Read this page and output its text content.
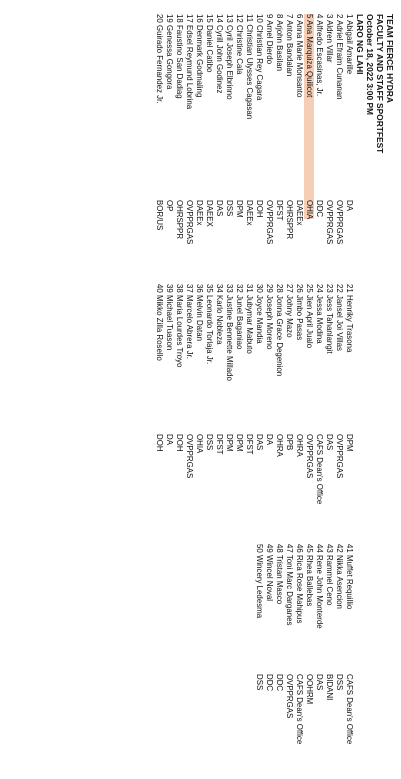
TEAM FIERCE HYDRA
FACULTY AND STAFF SPORTFEST
October 18, 2022 3:00 PM
LARO NG LAHI
1 Abigail Amarille
DA
2 Adriel Efraim Cunanan
OVPPRGAS
3 Aldren Villar
OVPPRGAS
4 Alfredo Escasinas, Jr.
DDC
5 Ana Marquiza Quilicot
OHIA
6 Anna Marie Monsanto
DAEEx
7 Anton Bandalan
OHRSPPR
8 Arjohn Basilan
DFST
9 Arnel Dierdo
OVPPRGAS
10 Christian Rey Cagara
DOH
11 Christian Ulysses Cagasan
DAEEx
12 Christine Cala
DPM
13 Cyril Joseph Elbrinno
DSS
14 Cyrill John Godinez
DAS
15 Daniel Catibo
DAEEX
16 Denmark Godmaling
DAEEx
17 Edsel Reymund Lobrina
OVPPRGAS
18 Faustino San Dadiag
OHRSPPR
19 Genessa Gongora
OP
20 Guirado Fernandez Jr.
BOR/US
21 Henriky Trasona
DPM
22 Jansel Joi Villas
OVPPRGAS
23 Jess Tahanlangit
DAS
24 Jessa Modina
CAFS Dean's Office
25 Jien April Jualo
OVPPRGAS
26 Jimbo Pasas
OHRA
27 Johny Mazo
DPB
28 Jonna Grace Degenion
OHRA
29 Joseph Moreno
DA
30 Joyce Mandia
DAS
31 Jubymar Mabuto
DFST
32 Junel Baganiao
DPM
33 Justine Bennette Millado
DPM
34 Karlo Nobleza
DFST
35 Leonardo Torlaja Jr.
DSS
36 Melvin Datan
OHIA
37 Marcelo Abrera Jr.
OVPPRGAS
38 Maria Lourdes Troyo
DOH
39 Michael Tuason
DA
40 Mikko Zilla Rosello
DOH
41 Muffet Requillio
CAFS Dean's Office
42 Nikka Asencion
DSS
43 Rammel Ceno
BIDANI
44 Rene John Monterde
DAS
45 Rhea Ballebas
OOHRM
46 Rica Rose Mahipus
CAFS Dean's Office
47 Toni Marc Darganes
OVPPRGAS
48 Tristan Masco
DDC
49 Wincel Noval
DDC
50 Wincery Ledesma
DSS
